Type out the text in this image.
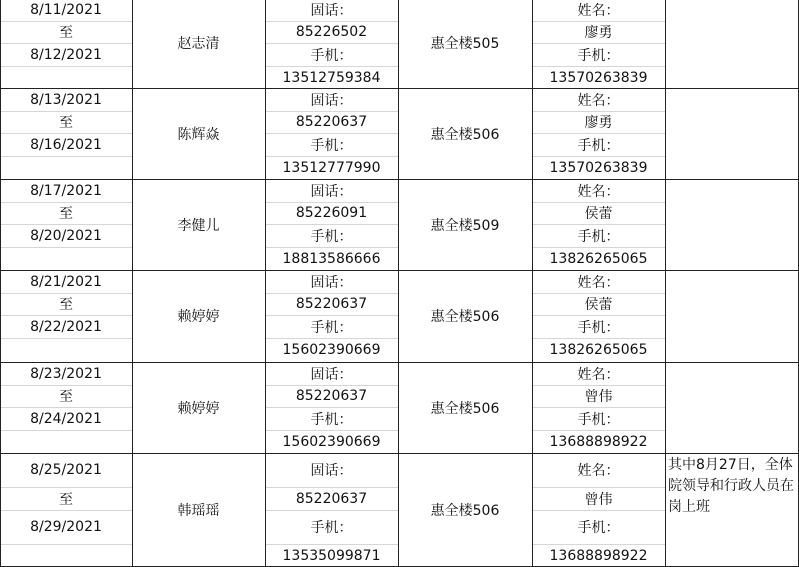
8/11/2021
至
8/12/2021
赵志清
固话：
85226502
手机：
13512759384
惠全楼505
姓名：
廖勇
手机：
13570263839
8/13/2021
至
8/16/2021
陈辉焱
固话：
85220637
手机：
13512777990
惠全楼506
姓名：
廖勇
手机：
13570263839
8/17/2021
至
8/20/2021
李健儿
固话：
85226091
手机：
18813586666
惠全楼509
姓名：
侯蕾
手机：
13826265065
8/21/2021
至
8/22/2021
赖婷婷
固话：
85220637
手机：
15602390669
惠全楼506
姓名：
侯蕾
手机：
13826265065
8/23/2021
至
8/24/2021
赖婷婷
固话：
85220637
手机：
15602390669
惠全楼506
姓名：
曾伟
手机：
13688898922
8/25/2021
至
8/29/2021
韩瑶瑶
固话：
85220637
手机：
13535099871
惠全楼506
姓名：
曾伟
手机：
13688898922
其中8月27日，全体院领导和行政人员在岗上班
